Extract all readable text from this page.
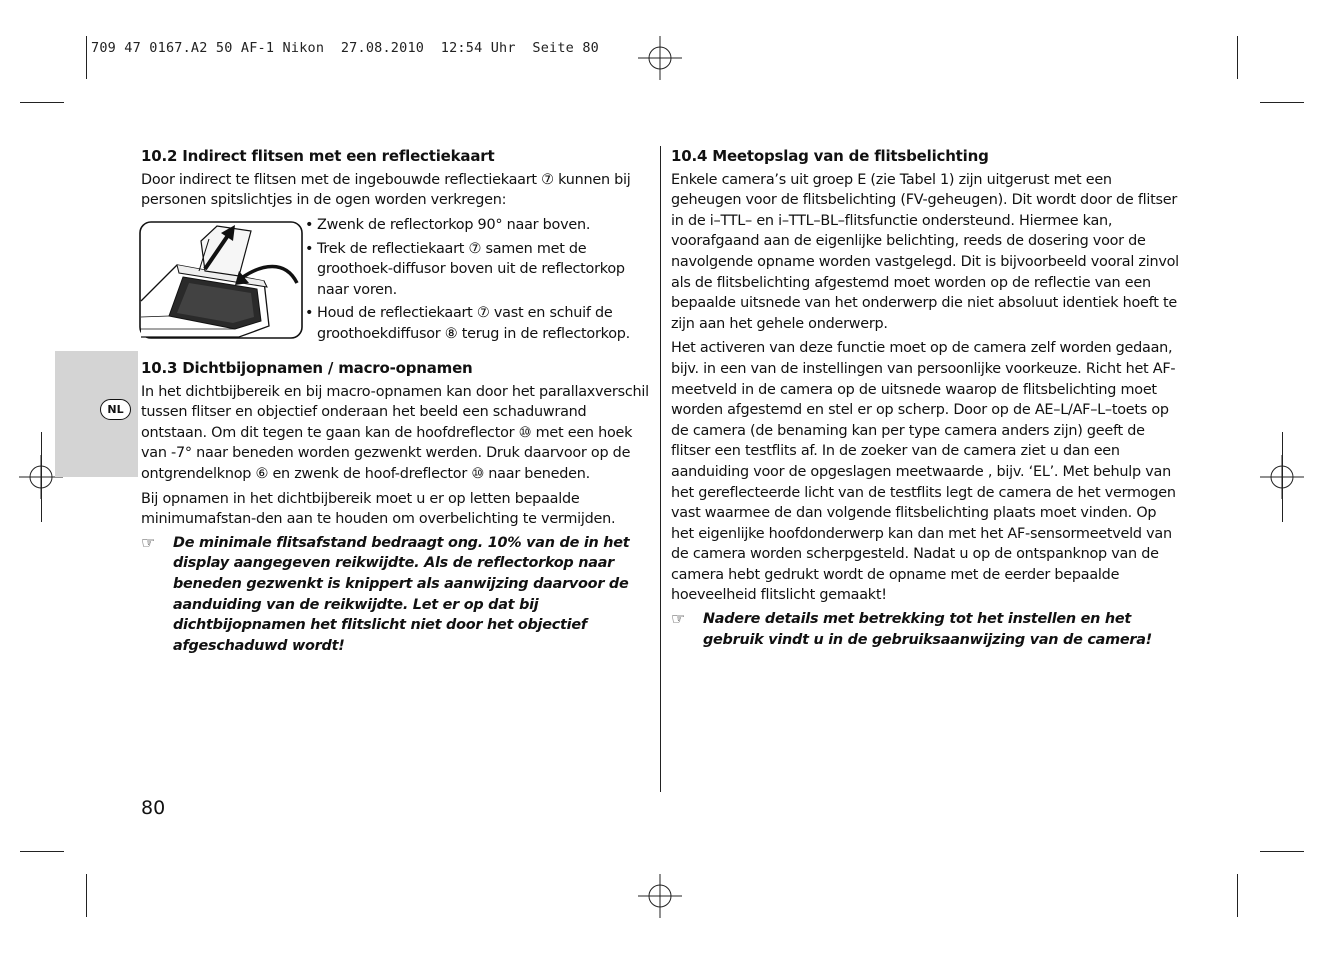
709 47 0167.A2 50 AF-1 Nikon  27.08.2010  12:54 Uhr  Seite 80
NL
10.2 Indirect flitsen met een reflectiekaart

Door indirect te flitsen met de ingebouwde reflectiekaart ⑦ kunnen bij personen spitslichtjes in de ogen worden verkregen:

• Zwenk de reflectorkop 90° naar boven.
• Trek de reflectiekaart ⑦ samen met de groothoek-diffusor boven uit de reflectorkop naar voren.
• Houd de reflectiekaart ⑦ vast en schuif de groothoekdiffusor ⑧ terug in de reflectorkop.
10.3 Dichtbijopnamen / macro-opnamen

In het dichtbijbereik en bij macro-opnamen kan door het parallaxverschil tussen flitser en objectief onderaan het beeld een schaduwrand ontstaan. Om dit tegen te gaan kan de hoofdreflector ⑩ met een hoek van -7° naar beneden worden gezwenkt werden. Druk daarvoor op de ontgrendelknop ⑥ en zwenk de hoof-dreflector ⑩ naar beneden.

Bij opnamen in het dichtbijbereik moet u er op letten bepaalde minimumafstan-den aan te houden om overbelichting te vermijden.

☞	De minimale flitsafstand bedraagt ong. 10% van de in het display aangegeven reikwijdte. Als de reflectorkop naar beneden gezwenkt is knippert als aanwijzing daarvoor de aanduiding van de reikwijdte. Let er op dat bij dichtbijopnamen het flitslicht niet door het objectief afgeschaduwd wordt!
10.4 Meetopslag van de flitsbelichting

Enkele camera’s uit groep E (zie Tabel 1) zijn uitgerust met een geheugen voor de flitsbelichting (FV-geheugen). Dit wordt door de flitser in de i–TTL– en i–TTL–BL–flitsfunctie ondersteund. Hiermee kan, voorafgaand aan de eigenlijke belichting, reeds de dosering voor de navolgende opname worden vastgelegd. Dit is bijvoorbeeld vooral zinvol als de flitsbelichting afgestemd moet worden op de reflectie van een bepaalde uitsnede van het onderwerp die niet absoluut identiek hoeft te zijn aan het gehele onderwerp.

Het activeren van deze functie moet op de camera zelf worden gedaan, bijv. in een van de instellingen van persoonlijke voorkeuze. Richt het AF-meetveld in de camera op de uitsnede waarop de flitsbelichting moet worden afgestemd en stel er op scherp. Door op de AE–L/AF–L–toets op de camera (de benaming kan per type camera anders zijn) geeft de flitser een testflits af. In de zoeker van de camera ziet u dan een aanduiding voor de opgeslagen meetwaarde , bijv. ‘EL’. Met behulp van het gereflecteerde licht van de testflits legt de camera de het vermogen vast waarmee de dan volgende flitsbelichting plaats moet vinden. Op het eigenlijke hoofdonderwerp kan dan met het AF-sensormeetveld van de camera worden scherpgesteld. Nadat u op de ontspanknop van de camera hebt gedrukt wordt de opname met de eerder bepaalde hoeveelheid flitslicht gemaakt!

☞	Nadere details met betrekking tot het instellen en het gebruik vindt u in de gebruiksaanwijzing van de camera!
80
